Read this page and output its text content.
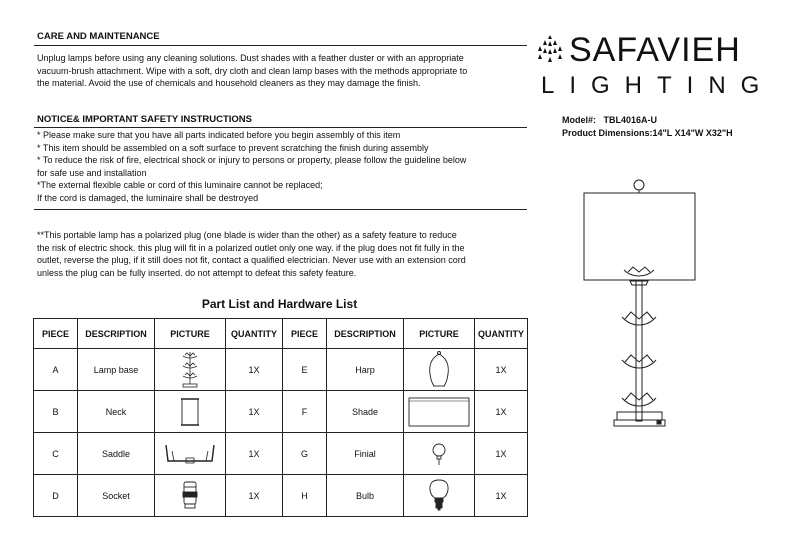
CARE AND MAINTENANCE
Unplug lamps before using any cleaning solutions. Dust shades with a feather duster or with an appropriate
vacuum-brush attachment. Wipe with a soft, dry cloth and clean lamp bases with the methods appropriate to
the material. Avoid the use of chemicals and household cleaners as they may damage the finish.
NOTICE& IMPORTANT SAFETY INSTRUCTIONS
* Please make sure that you have all parts indicated before you begin assembly of this item
* This item should be assembled on a soft surface to prevent scratching the finish during assembly
* To reduce the risk of fire, electrical shock or injury to persons or property, please follow the guideline below
for safe use and installation
*The external flexible cable or cord of this luminaire cannot be replaced;
If the cord is damaged, the luminaire shall be destroyed
**This portable lamp has a polarized plug (one blade is wider than the other) as a safety feature to reduce
the risk of electric shock. this plug will fit in a polarized outlet only one way. if the plug does not fit fully in the
outlet, reverse the plug, if it still does not fit, contact a qualified electrician. Never use with an extension cord
unless the plug can be fully inserted. do not attempt to defeat this safety feature.
SAFAVIEH
LIGHTING
Model#: TBL4016A-U
Product Dimensions:14"L X14"W X32"H
Part List and Hardware List
PIECE	DESCRIPTION	PICTURE	QUANTITY	PIECE	DESCRIPTION	PICTURE	QUANTITY
A	Lamp base		1X	E	Harp		1X
B	Neck		1X	F	Shade		1X
C	Saddle		1X	G	Finial		1X
D	Socket		1X	H	Bulb		1X
